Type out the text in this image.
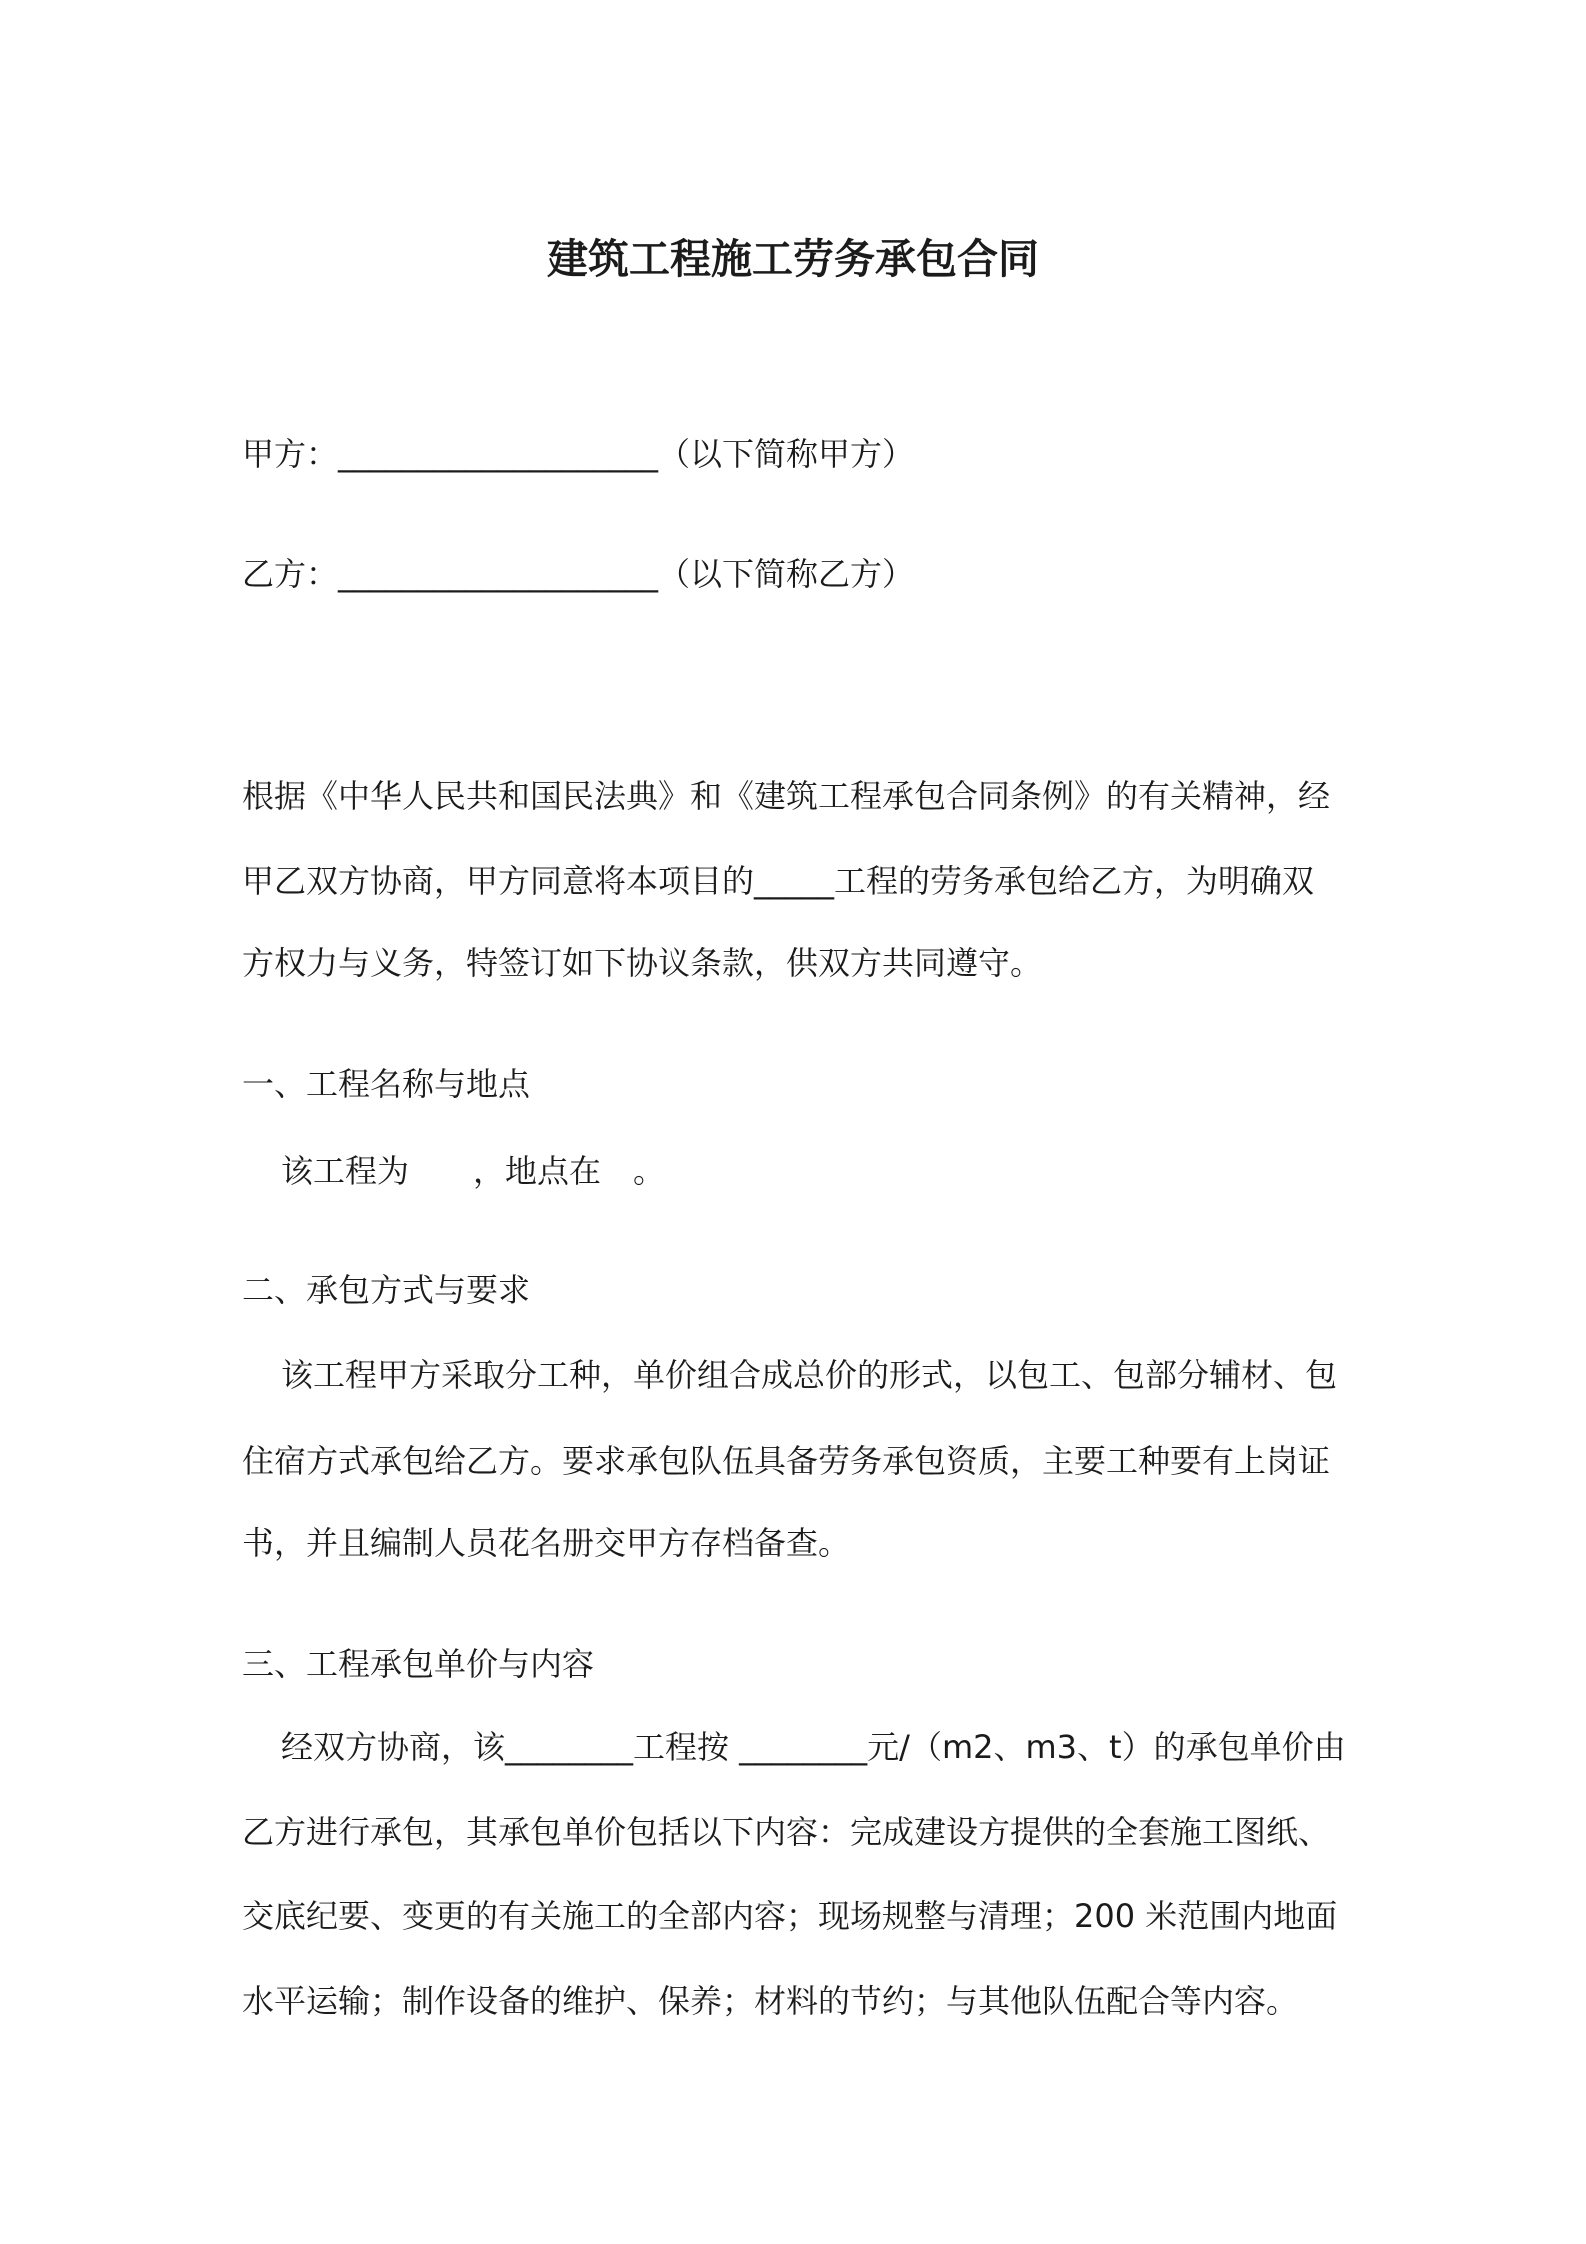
建筑工程施工劳务承包合同
甲方：____________________（以下简称甲方）
乙方：____________________（以下简称乙方）
根据《中华人民共和国民法典》和《建筑工程承包合同条例》的有关精神，经
甲乙双方协商，甲方同意将本项目的_____工程的劳务承包给乙方，为明确双
方权力与义务，特签订如下协议条款，供双方共同遵守。
一、工程名称与地点
该工程为　　，地点在　。
二、承包方式与要求
该工程甲方采取分工种，单价组合成总价的形式，以包工、包部分辅材、包
住宿方式承包给乙方。要求承包队伍具备劳务承包资质，主要工种要有上岗证
书，并且编制人员花名册交甲方存档备查。
三、工程承包单价与内容
经双方协商，该________工程按 ________元/（m2、m3、t）的承包单价由
乙方进行承包，其承包单价包括以下内容：完成建设方提供的全套施工图纸、
交底纪要、变更的有关施工的全部内容；现场规整与清理；200 米范围内地面
水平运输；制作设备的维护、保养；材料的节约；与其他队伍配合等内容。
